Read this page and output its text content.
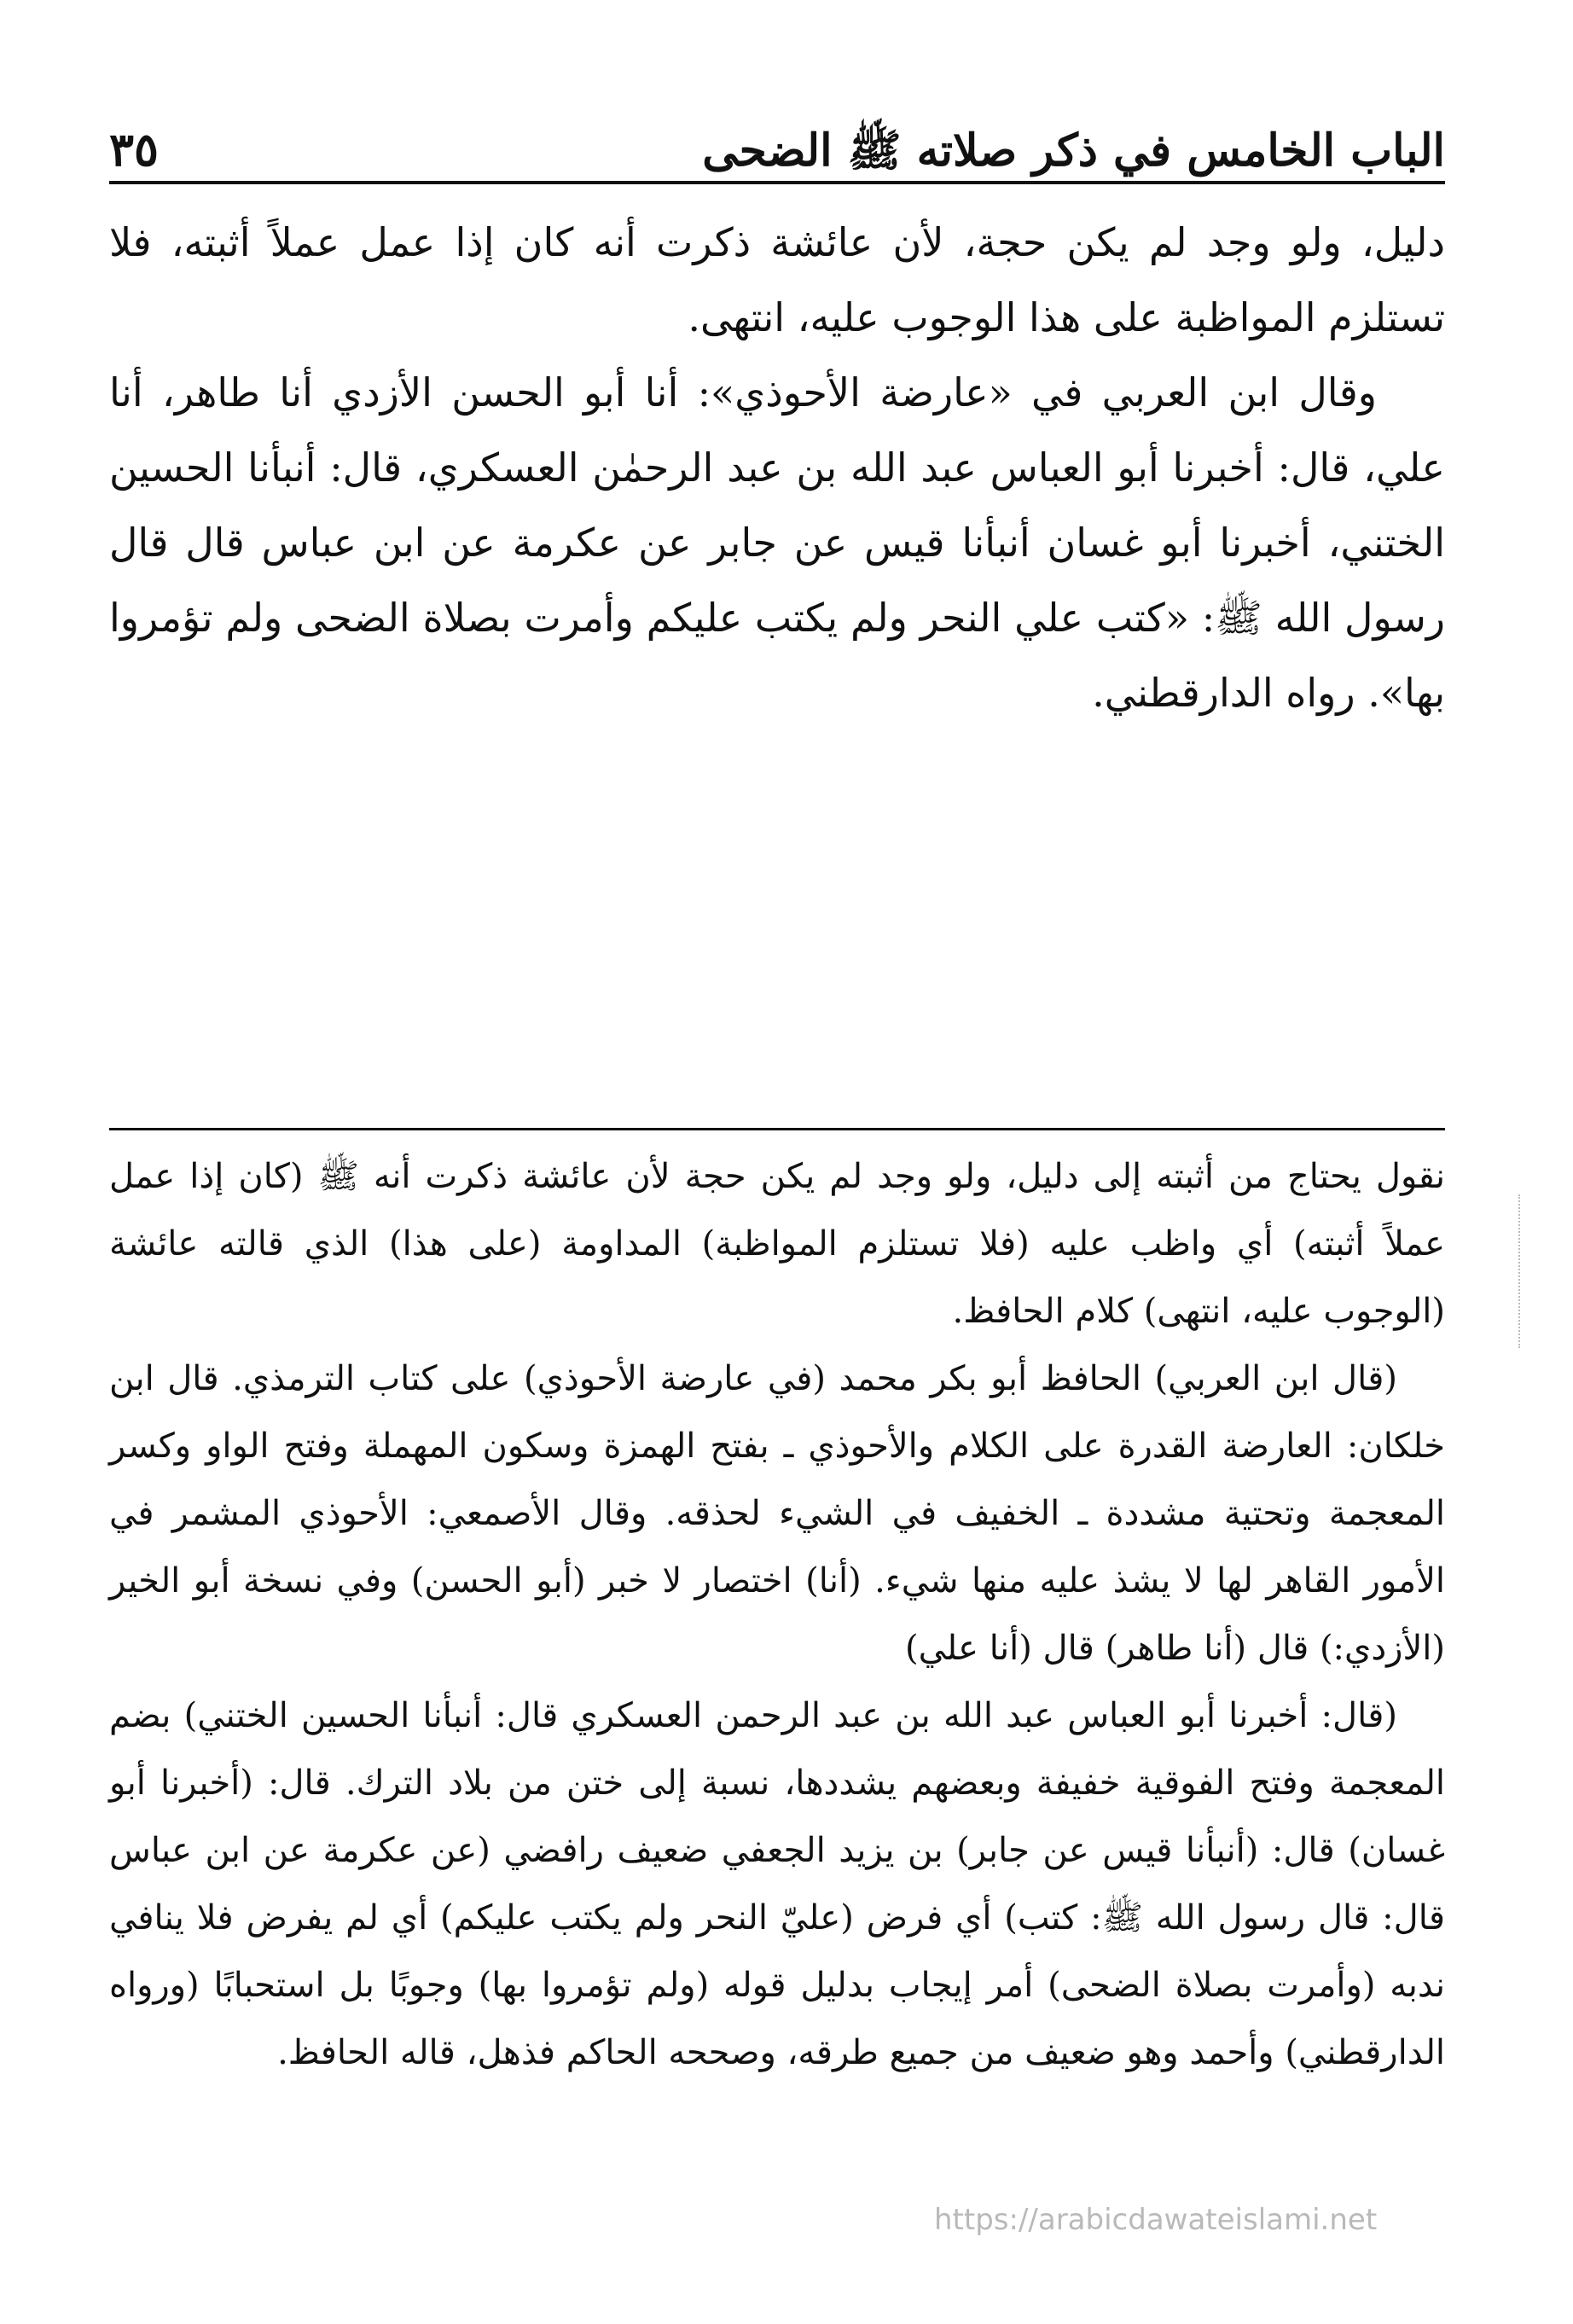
الباب الخامس في ذكر صلاته ﷺ الضحى
٣٥

دليل، ولو وجد لم يكن حجة، لأن عائشة ذكرت أنه كان إذا عمل عملاً أثبته، فلا تستلزم المواظبة على هذا الوجوب عليه، انتهى.

وقال ابن العربي في «عارضة الأحوذي»: أنا أبو الحسن الأزدي أنا طاهر، أنا علي، قال: أخبرنا أبو العباس عبد الله بن عبد الرحمٰن العسكري، قال: أنبأنا الحسين الختني، أخبرنا أبو غسان أنبأنا قيس عن جابر عن عكرمة عن ابن عباس قال قال رسول الله ﷺ: «كتب علي النحر ولم يكتب عليكم وأمرت بصلاة الضحى ولم تؤمروا بها». رواه الدارقطني.

نقول يحتاج من أثبته إلى دليل، ولو وجد لم يكن حجة لأن عائشة ذكرت أنه ﷺ (كان إذا عمل عملاً أثبته) أي واظب عليه (فلا تستلزم المواظبة) المداومة (على هذا) الذي قالته عائشة (الوجوب عليه، انتهى) كلام الحافظ.

(قال ابن العربي) الحافظ أبو بكر محمد (في عارضة الأحوذي) على كتاب الترمذي. قال ابن خلكان: العارضة القدرة على الكلام والأحوذي ـ بفتح الهمزة وسكون المهملة وفتح الواو وكسر المعجمة وتحتية مشددة ـ الخفيف في الشيء لحذقه. وقال الأصمعي: الأحوذي المشمر في الأمور القاهر لها لا يشذ عليه منها شيء. (أنا) اختصار لا خبر (أبو الحسن) وفي نسخة أبو الخير (الأزدي:) قال (أنا طاهر) قال (أنا علي)

(قال: أخبرنا أبو العباس عبد الله بن عبد الرحمن العسكري قال: أنبأنا الحسين الختني) بضم المعجمة وفتح الفوقية خفيفة وبعضهم يشددها، نسبة إلى ختن من بلاد الترك. قال: (أخبرنا أبو غسان) قال: (أنبأنا قيس عن جابر) بن يزيد الجعفي ضعيف رافضي (عن عكرمة عن ابن عباس قال: قال رسول الله ﷺ: كتب) أي فرض (عليّ النحر ولم يكتب عليكم) أي لم يفرض فلا ينافي ندبه (وأمرت بصلاة الضحى) أمر إيجاب بدليل قوله (ولم تؤمروا بها) وجوبًا بل استحبابًا (ورواه الدارقطني) وأحمد وهو ضعيف من جميع طرقه، وصححه الحاكم فذهل، قاله الحافظ.

https://arabicdawateislami.net
